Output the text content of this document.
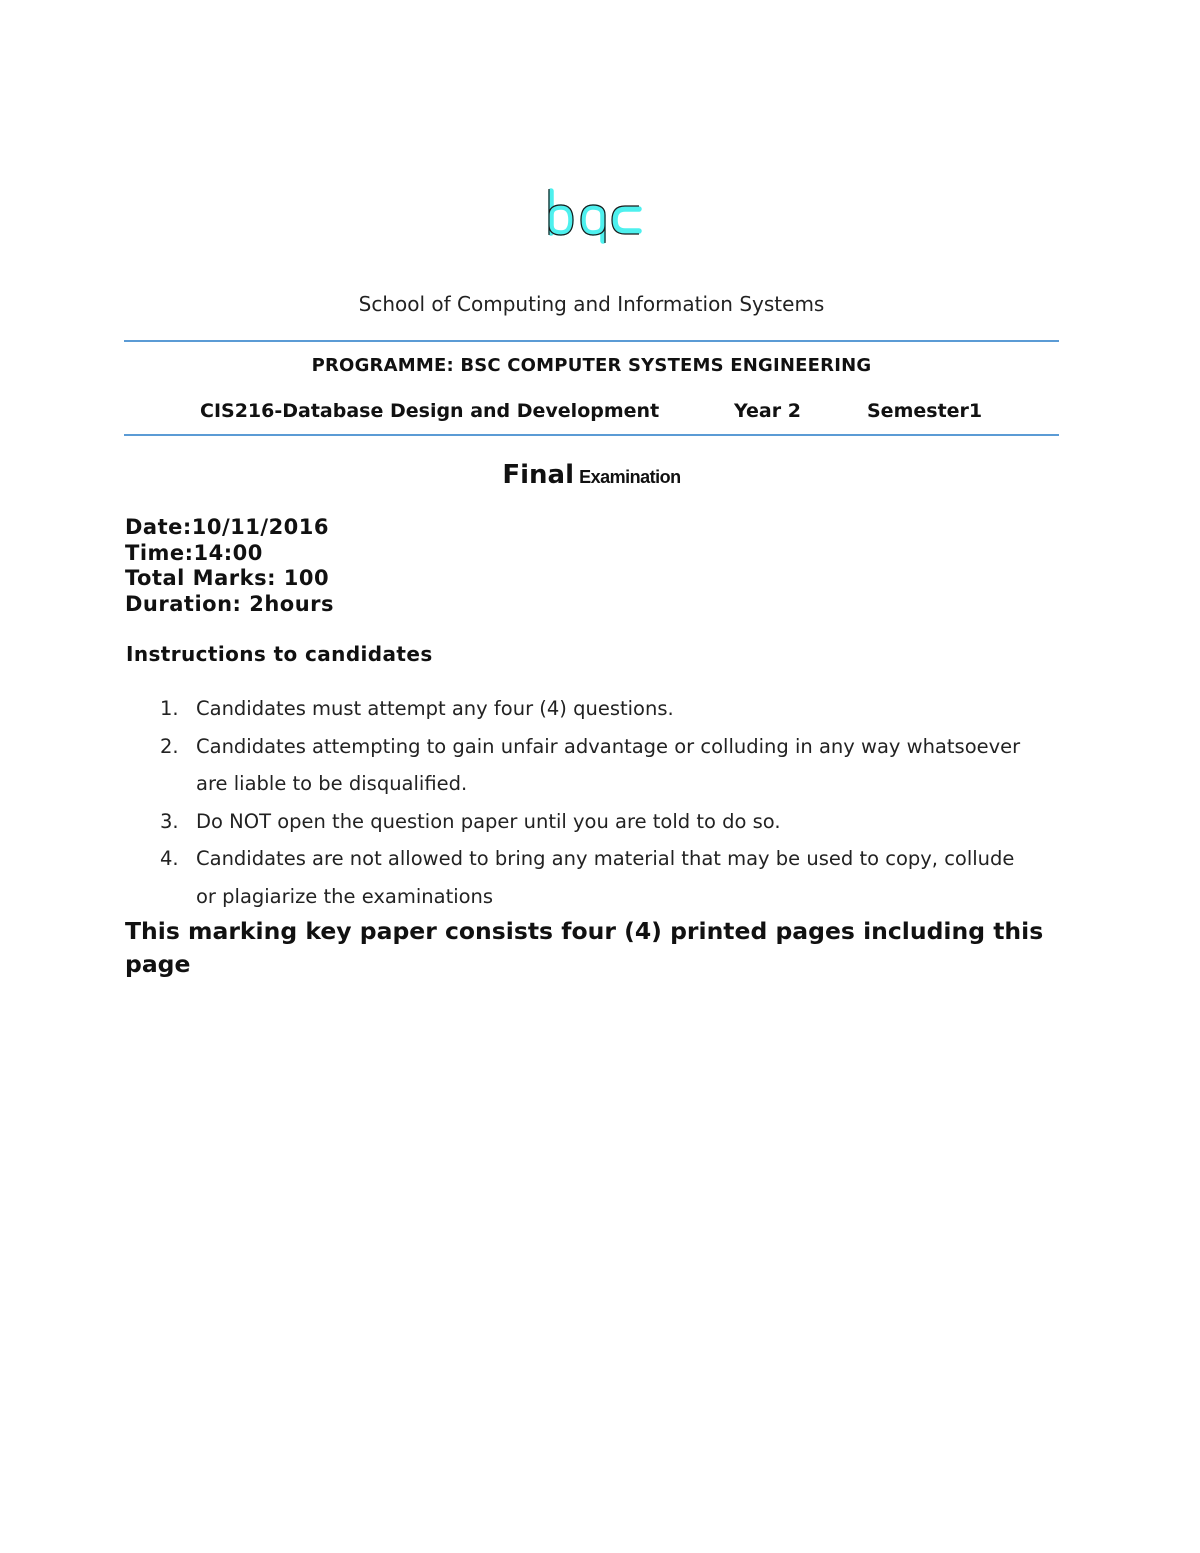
School of Computing and Information Systems
PROGRAMME: BSC COMPUTER SYSTEMS ENGINEERING
CIS216-Database Design and Development	Year 2	Semester1
Final Examination
Date:10/11/2016
Time:14:00
Total Marks: 100
Duration: 2hours
Instructions to candidates
1. Candidates must attempt any four (4) questions.
2. Candidates attempting to gain unfair advantage or colluding in any way whatsoever are liable to be disqualified.
3. Do NOT open the question paper until you are told to do so.
4. Candidates are not allowed to bring any material that may be used to copy, collude or plagiarize the examinations
This marking key paper consists four (4) printed pages including this page
